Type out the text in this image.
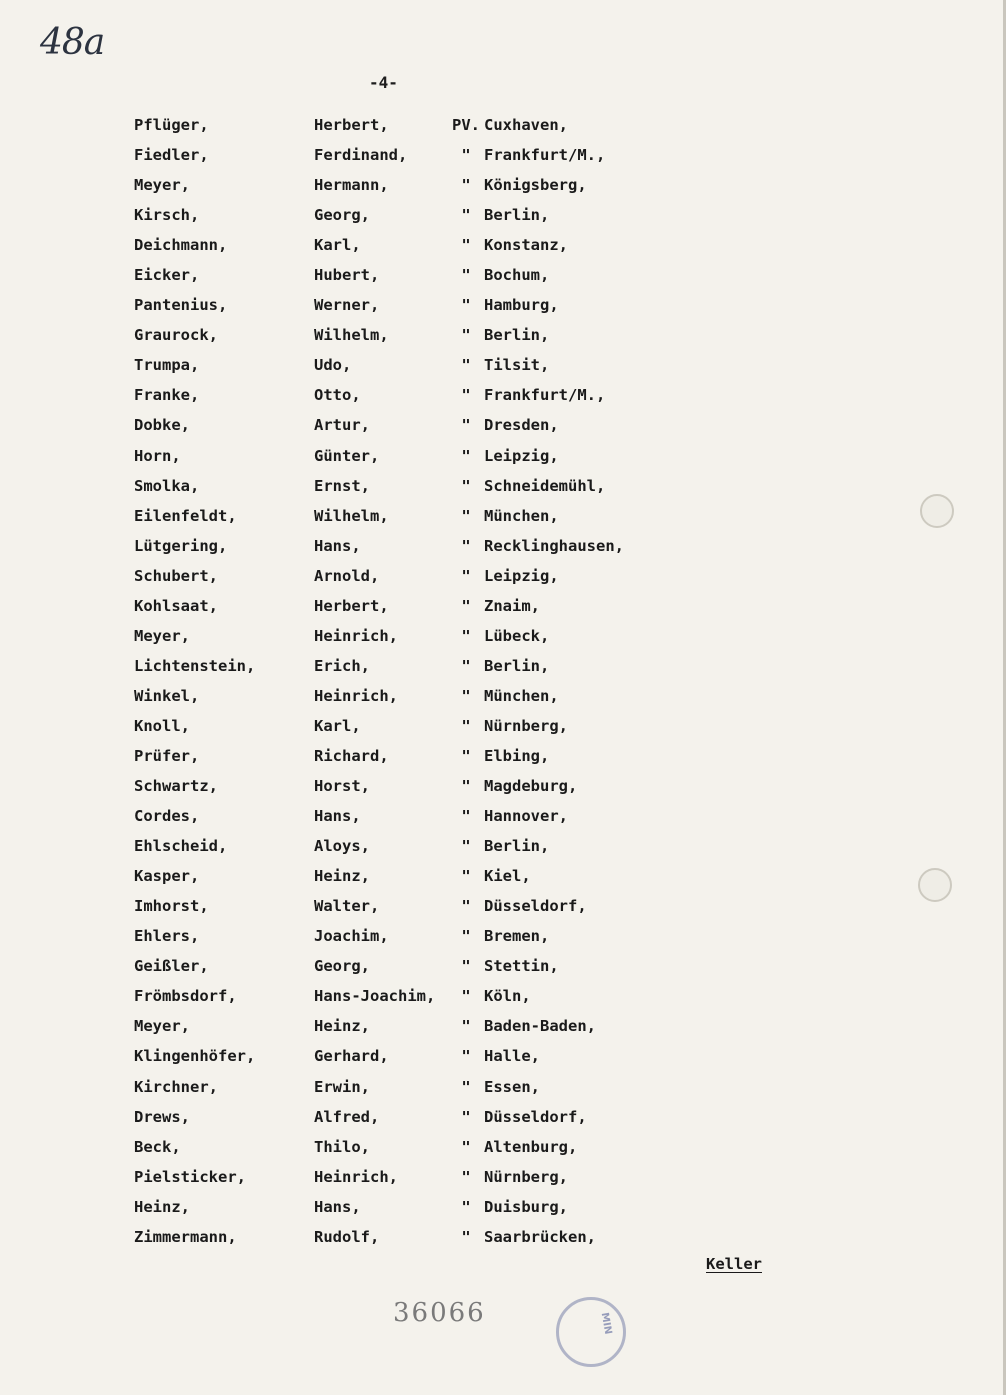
48a
-4-
Pflüger,	Herbert,	PV. Cuxhaven,
Fiedler,	Ferdinand,	" Frankfurt/M.,
Meyer,	Hermann,	" Königsberg,
Kirsch,	Georg,	" Berlin,
Deichmann,	Karl,	" Konstanz,
Eicker,	Hubert,	" Bochum,
Pantenius,	Werner,	" Hamburg,
Graurock,	Wilhelm,	" Berlin,
Trumpa,	Udo,	" Tilsit,
Franke,	Otto,	" Frankfurt/M.,
Dobke,	Artur,	" Dresden,
Horn,	Günter,	" Leipzig,
Smolka,	Ernst,	" Schneidemühl,
Eilenfeldt,	Wilhelm,	" München,
Lütgering,	Hans,	" Recklinghausen,
Schubert,	Arnold,	" Leipzig,
Kohlsaat,	Herbert,	" Znaim,
Meyer,	Heinrich,	" Lübeck,
Lichtenstein,	Erich,	" Berlin,
Winkel,	Heinrich,	" München,
Knoll,	Karl,	" Nürnberg,
Prüfer,	Richard,	" Elbing,
Schwartz,	Horst,	" Magdeburg,
Cordes,	Hans,	" Hannover,
Ehlscheid,	Aloys,	" Berlin,
Kasper,	Heinz,	" Kiel,
Imhorst,	Walter,	" Düsseldorf,
Ehlers,	Joachim,	" Bremen,
Geißler,	Georg,	" Stettin,
Frömbsdorf,	Hans-Joachim,	" Köln,
Meyer,	Heinz,	" Baden-Baden,
Klingenhöfer,	Gerhard,	" Halle,
Kirchner,	Erwin,	" Essen,
Drews,	Alfred,	" Düsseldorf,
Beck,	Thilo,	" Altenburg,
Pielsticker,	Heinrich,	" Nürnberg,
Heinz,	Hans,	" Duisburg,
Zimmermann,	Rudolf,	" Saarbrücken,
Keller
36066	MIN
